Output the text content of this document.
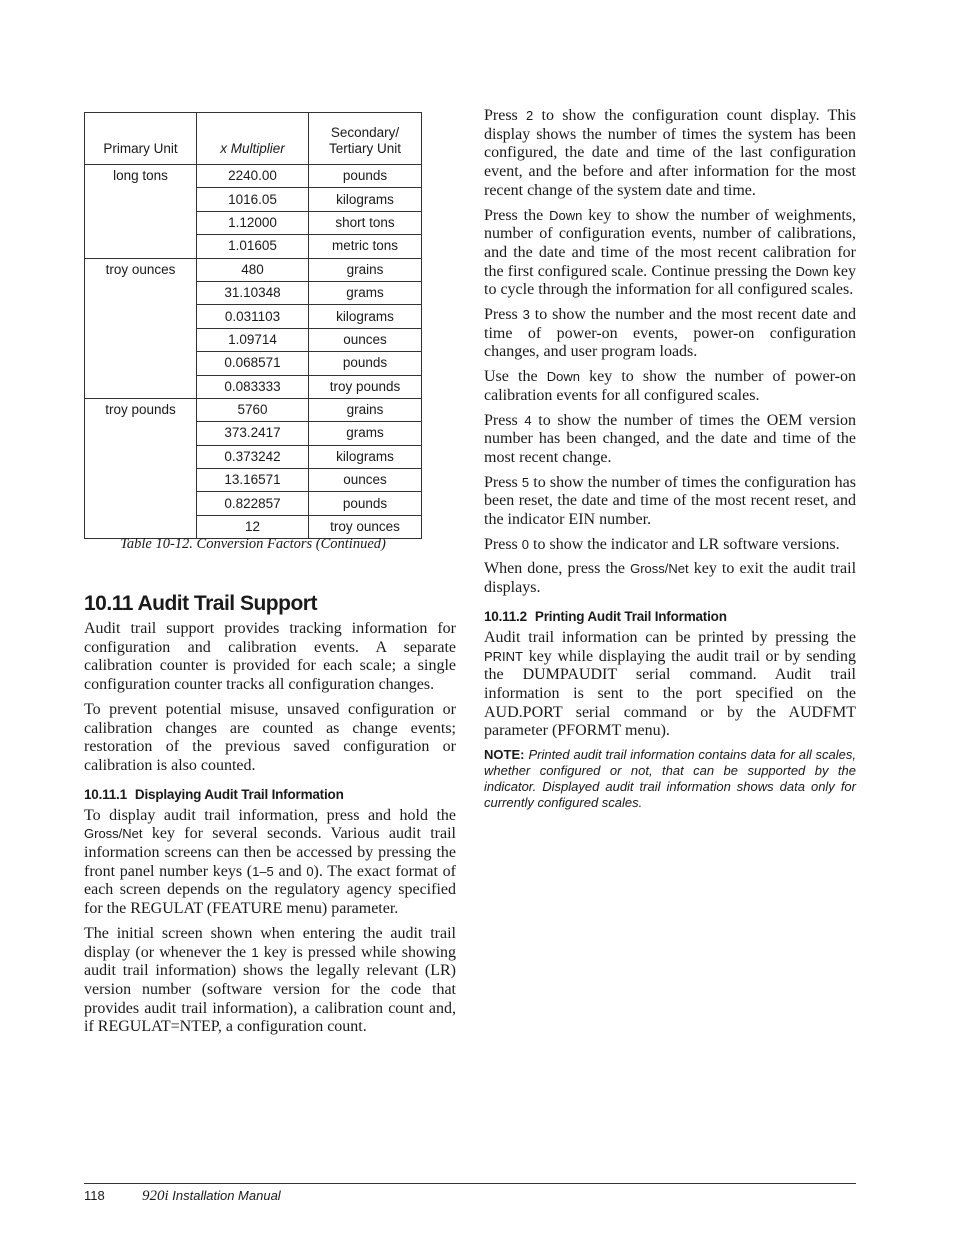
Primary Unit	x Multiplier	Secondary/
Tertiary Unit
long tons	2240.00	pounds
	1016.05	kilograms
	1.12000	short tons
	1.01605	metric tons
troy ounces	480	grains
	31.10348	grams
	0.031103	kilograms
	1.09714	ounces
	0.068571	pounds
	0.083333	troy pounds
troy pounds	5760	grains
	373.2417	grams
	0.373242	kilograms
	13.16571	ounces
	0.822857	pounds
	12	troy ounces
Table 10-12. Conversion Factors (Continued)
10.11 Audit Trail Support

Audit trail support provides tracking information for configuration and calibration events. A separate calibration counter is provided for each scale; a single configuration counter tracks all configuration changes.

To prevent potential misuse, unsaved configuration or calibration changes are counted as change events; restoration of the previous saved configuration or calibration is also counted.

10.11.1 Displaying Audit Trail Information

To display audit trail information, press and hold the Gross/Net key for several seconds. Various audit trail information screens can then be accessed by pressing the front panel number keys (1–5 and 0). The exact format of each screen depends on the regulatory agency specified for the REGULAT (FEATURE menu) parameter.

The initial screen shown when entering the audit trail display (or whenever the 1 key is pressed while showing audit trail information) shows the legally relevant (LR) version number (software version for the code that provides audit trail information), a calibration count and, if REGULAT=NTEP, a configuration count.

Press 2 to show the configuration count display. This display shows the number of times the system has been configured, the date and time of the last configuration event, and the before and after information for the most recent change of the system date and time.

Press the Down key to show the number of weighments, number of configuration events, number of calibrations, and the date and time of the most recent calibration for the first configured scale. Continue pressing the Down key to cycle through the information for all configured scales.

Press 3 to show the number and the most recent date and time of power-on events, power-on configuration changes, and user program loads.

Use the Down key to show the number of power-on calibration events for all configured scales.

Press 4 to show the number of times the OEM version number has been changed, and the date and time of the most recent change.

Press 5 to show the number of times the configuration has been reset, the date and time of the most recent reset, and the indicator EIN number.

Press 0 to show the indicator and LR software versions.

When done, press the Gross/Net key to exit the audit trail displays.

10.11.2 Printing Audit Trail Information

Audit trail information can be printed by pressing the PRINT key while displaying the audit trail or by sending the DUMPAUDIT serial command. Audit trail information is sent to the port specified on the AUD.PORT serial command or by the AUDFMT parameter (PFORMT menu).

NOTE: Printed audit trail information contains data for all scales, whether configured or not, that can be supported by the indicator. Displayed audit trail information shows data only for currently configured scales.
118 920i Installation Manual
